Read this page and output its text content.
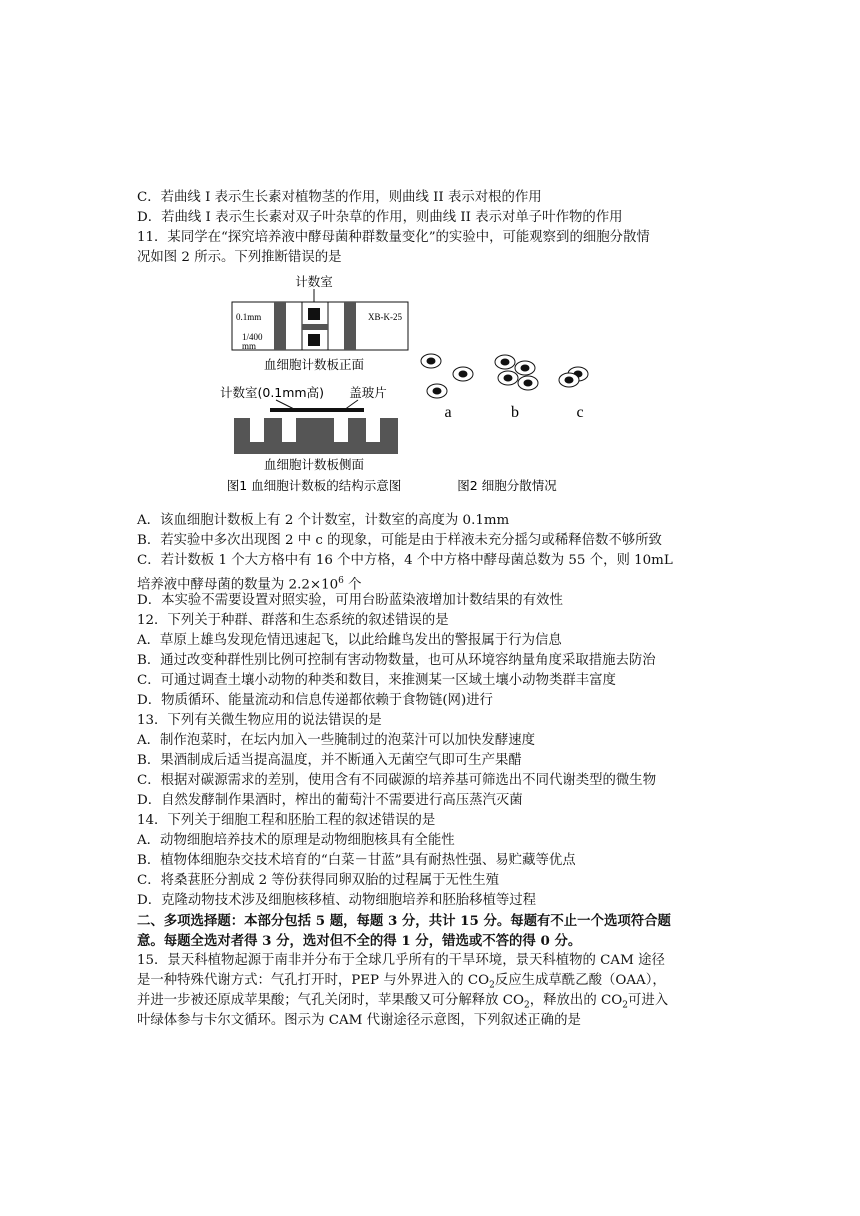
C．若曲线 I 表示生长素对植物茎的作用，则曲线 II 表示对根的作用
D．若曲线 I 表示生长素对双子叶杂草的作用，则曲线 II 表示对单子叶作物的作用
11．某同学在“探究培养液中酵母菌种群数量变化”的实验中，可能观察到的细胞分散情
况如图 2 所示。下列推断错误的是
计数室
0.1mm
1/400
mm
XB-K-25
血细胞计数板正面
计数室(0.1mm高) 盖玻片
血细胞计数板侧面
图1 血细胞计数板的结构示意图
a	b	c
图2 细胞分散情况
A．该血细胞计数板上有 2 个计数室，计数室的高度为 0.1mm
B．若实验中多次出现图 2 中 c 的现象，可能是由于样液未充分摇匀或稀释倍数不够所致
C．若计数板 1 个大方格中有 16 个中方格，4 个中方格中酵母菌总数为 55 个，则 10mL
培养液中酵母菌的数量为 $2.2\times 10^6$ 个
D．本实验不需要设置对照实验，可用台盼蓝染液增加计数结果的有效性
12．下列关于种群、群落和生态系统的叙述错误的是
A．草原上雄鸟发现危情迅速起飞，以此给雌鸟发出的警报属于行为信息
B．通过改变种群性别比例可控制有害动物数量，也可从环境容纳量角度采取措施去防治
C．可通过调查土壤小动物的种类和数目，来推测某一区域土壤小动物类群丰富度
D．物质循环、能量流动和信息传递都依赖于食物链(网)进行
13．下列有关微生物应用的说法错误的是
A．制作泡菜时，在坛内加入一些腌制过的泡菜汁可以加快发酵速度
B．果酒制成后适当提高温度，并不断通入无菌空气即可生产果醋
C．根据对碳源需求的差别，使用含有不同碳源的培养基可筛选出不同代谢类型的微生物
D．自然发酵制作果酒时，榨出的葡萄汁不需要进行高压蒸汽灭菌
14．下列关于细胞工程和胚胎工程的叙述错误的是
A．动物细胞培养技术的原理是动物细胞核具有全能性
B．植物体细胞杂交技术培育的“白菜－甘蓝”具有耐热性强、易贮藏等优点
C．将桑葚胚分割成 2 等份获得同卵双胎的过程属于无性生殖
D．克隆动物技术涉及细胞核移植、动物细胞培养和胚胎移植等过程
二、多项选择题：本部分包括 5 题，每题 3 分，共计 15 分。每题有不止一个选项符合题
意。每题全选对者得 3 分，选对但不全的得 1 分，错选或不答的得 0 分。
15．景天科植物起源于南非并分布于全球几乎所有的干旱环境，景天科植物的 CAM 途径
是一种特殊代谢方式：气孔打开时，PEP 与外界进入的 $CO_2$反应生成草酰乙酸（OAA），
并进一步被还原成苹果酸；气孔关闭时，苹果酸又可分解释放 $CO_2$，释放出的 $CO_2$可进入
叶绿体参与卡尔文循环。图示为 CAM 代谢途径示意图，下列叙述正确的是
